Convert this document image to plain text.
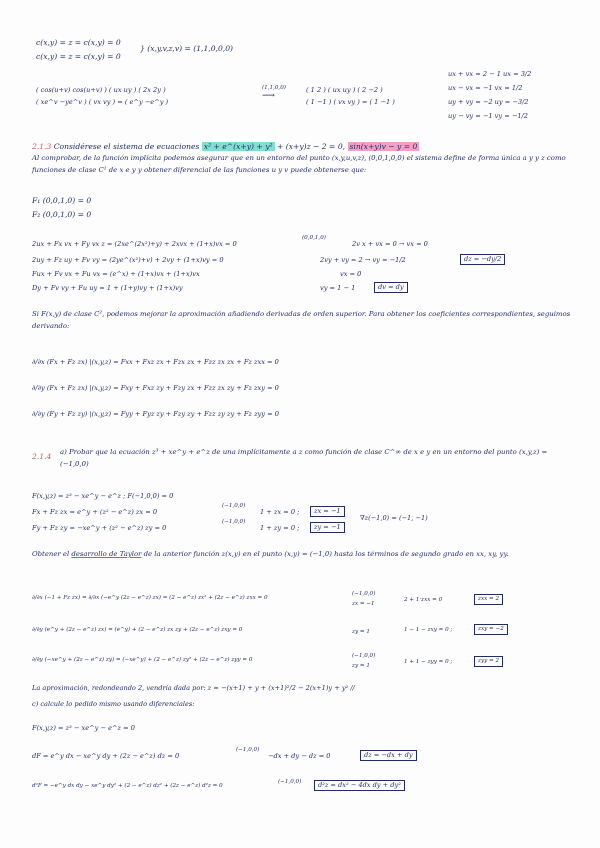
c(x,y) = z = c(x,y) = 0
c(x,y) = z = c(x,y) = 0
} (x,y,v,z,v) = (1,1,0,0,0)
( cos(u+v) cos(u+v) ) ( ux uy ) ( 2x 2y )
( xe^v −ye^v ) ( vx vy ) = ( e^y −e^y )
(1,1,0,0)
⟶
( 1 2 ) ( ux uy ) ( 2 −2 )
( 1 −1 ) ( vx vy ) = ( 1 −1 )
ux + vx = 2 − 1 ux = 3/2
ux − vx = −1 vx = 1/2
uy + vy = −2 uy = −3/2
uy − vy = −1 vy = −1/2
2.1.3 Considérese el sistema de ecuaciones x² + e^(x+y) + y² + (x+y)z − 2 = 0, sin(x+y)v − y = 0
Al comprobar, de la función implícita podemos asegurar que en un entorno del punto (x,y,u,v,z), (0,0,1,0,0) el sistema define de forma única a y y z como funciones de clase C¹ de x e y y obtener diferencial de las funciones u y v puede obtenerse que:
F₁ (0,0,1,0) = 0
F₂ (0,0,1,0) = 0
2ux + Fx vx + Fy vx z = (2xe^(2x²)+y) + 2xvx + (1+x)vx = 0
(0,0,1,0)
2v x + vx = 0 → vx = 0
2uy + Fz uy + Fv vy = (2ye^(x²)+v) + 2vy + (1+x)vy = 0	2vy + vy = 2 → vy = −1/2	dz = −dy/2
Fux + Fv vx + Fu vx = (e^x) + (1+x)vx + (1+x)vx	vx = 0
Dy + Fv vy + Fu uy = 1 + (1+y)vy + (1+x)vy	vy = 1 − 1	dv = dy
Si F(x,y) de clase C², podemos mejorar la aproximación añadiendo derivadas de orden superior. Para obtener los coeficientes correspondientes, seguimos derivando:
∂/∂x (Fx + Fz zx) |(x,y,z) = Fxx + Fxz zx + Fzx zx + Fzz zx zx + Fz zxx = 0
∂/∂y (Fx + Fz zx) |(x,y,z) = Fxy + Fxz zy + Fzy zx + Fzz zx zy + Fz zxy = 0
∂/∂y (Fy + Fz zy) |(x,y,z) = Fyy + Fyz zy + Fzy zy + Fzz zy zy + Fz zyy = 0
2.1.4 a) Probar que la ecuación z³ + xe^y + e^z de una implícitamente a z como función de clase C^∞ de x e y en un entorno del punto (x,y,z) = (−1,0,0)
F(x,y,z) = z³ − xe^y − e^z ; F(−1,0,0) = 0
Fx + Fz zx = e^y + (z² − e^z) zx = 0
(−1,0,0)
1 + zx = 0 ;	zx = −1
∇z(−1,0) = (−1, −1)
Fy + Fz zy = −xe^y + (z² − e^z) zy = 0
(−1,0,0)
1 + zy = 0 ;	zy = −1
Obtener el desarrollo de Taylor de la anterior función z(x,y) en el punto (x,y) = (−1,0) hasta los términos de segundo grado en xx, xy, yy.
∂/∂x (−1 + Fz zx) = ∂/∂x (−e^y (2z − e^z) zx) = (2 − e^z) zx² + (2z − e^z) zxx = 0
(−1,0,0)
zx = −1
2 + 1·zxx = 0	zxx = 2
∂/∂y (e^y + (2z − e^z) zx) = (e^y) + (2 − e^z) zx zy + (2z − e^z) zxy = 0	zy = 1	1 − 1 − zxy = 0 ;	zxy = −2
∂/∂y (−xe^y + (2z − e^z) zy) = (−xe^y) + (2 − e^z) zy² + (2z − e^z) zyy = 0
(−1,0,0)
zy = 1
1 + 1 − zyy = 0 ;	zyy = 2
La aproximación, redondeando 2, vendría dada por: z ≈ −(x+1) + y + (x+1)²/2 − 2(x+1)y + y² //
c) calcule lo pedido mismo usando diferenciales:
F(x,y,z) = z³ − xe^y − e^z = 0
dF = e^y dx − xe^y dy + (2z − e^z) dz = 0
(−1,0,0)
−dx + dy − dz = 0	dz = −dx + dy
d²F = −e^y dx dy − xe^y dy² + (2 − e^z) dz² + (2z − e^z) d²z = 0
(−1,0,0)	d²z = dx² − 4dx dy + dy²
